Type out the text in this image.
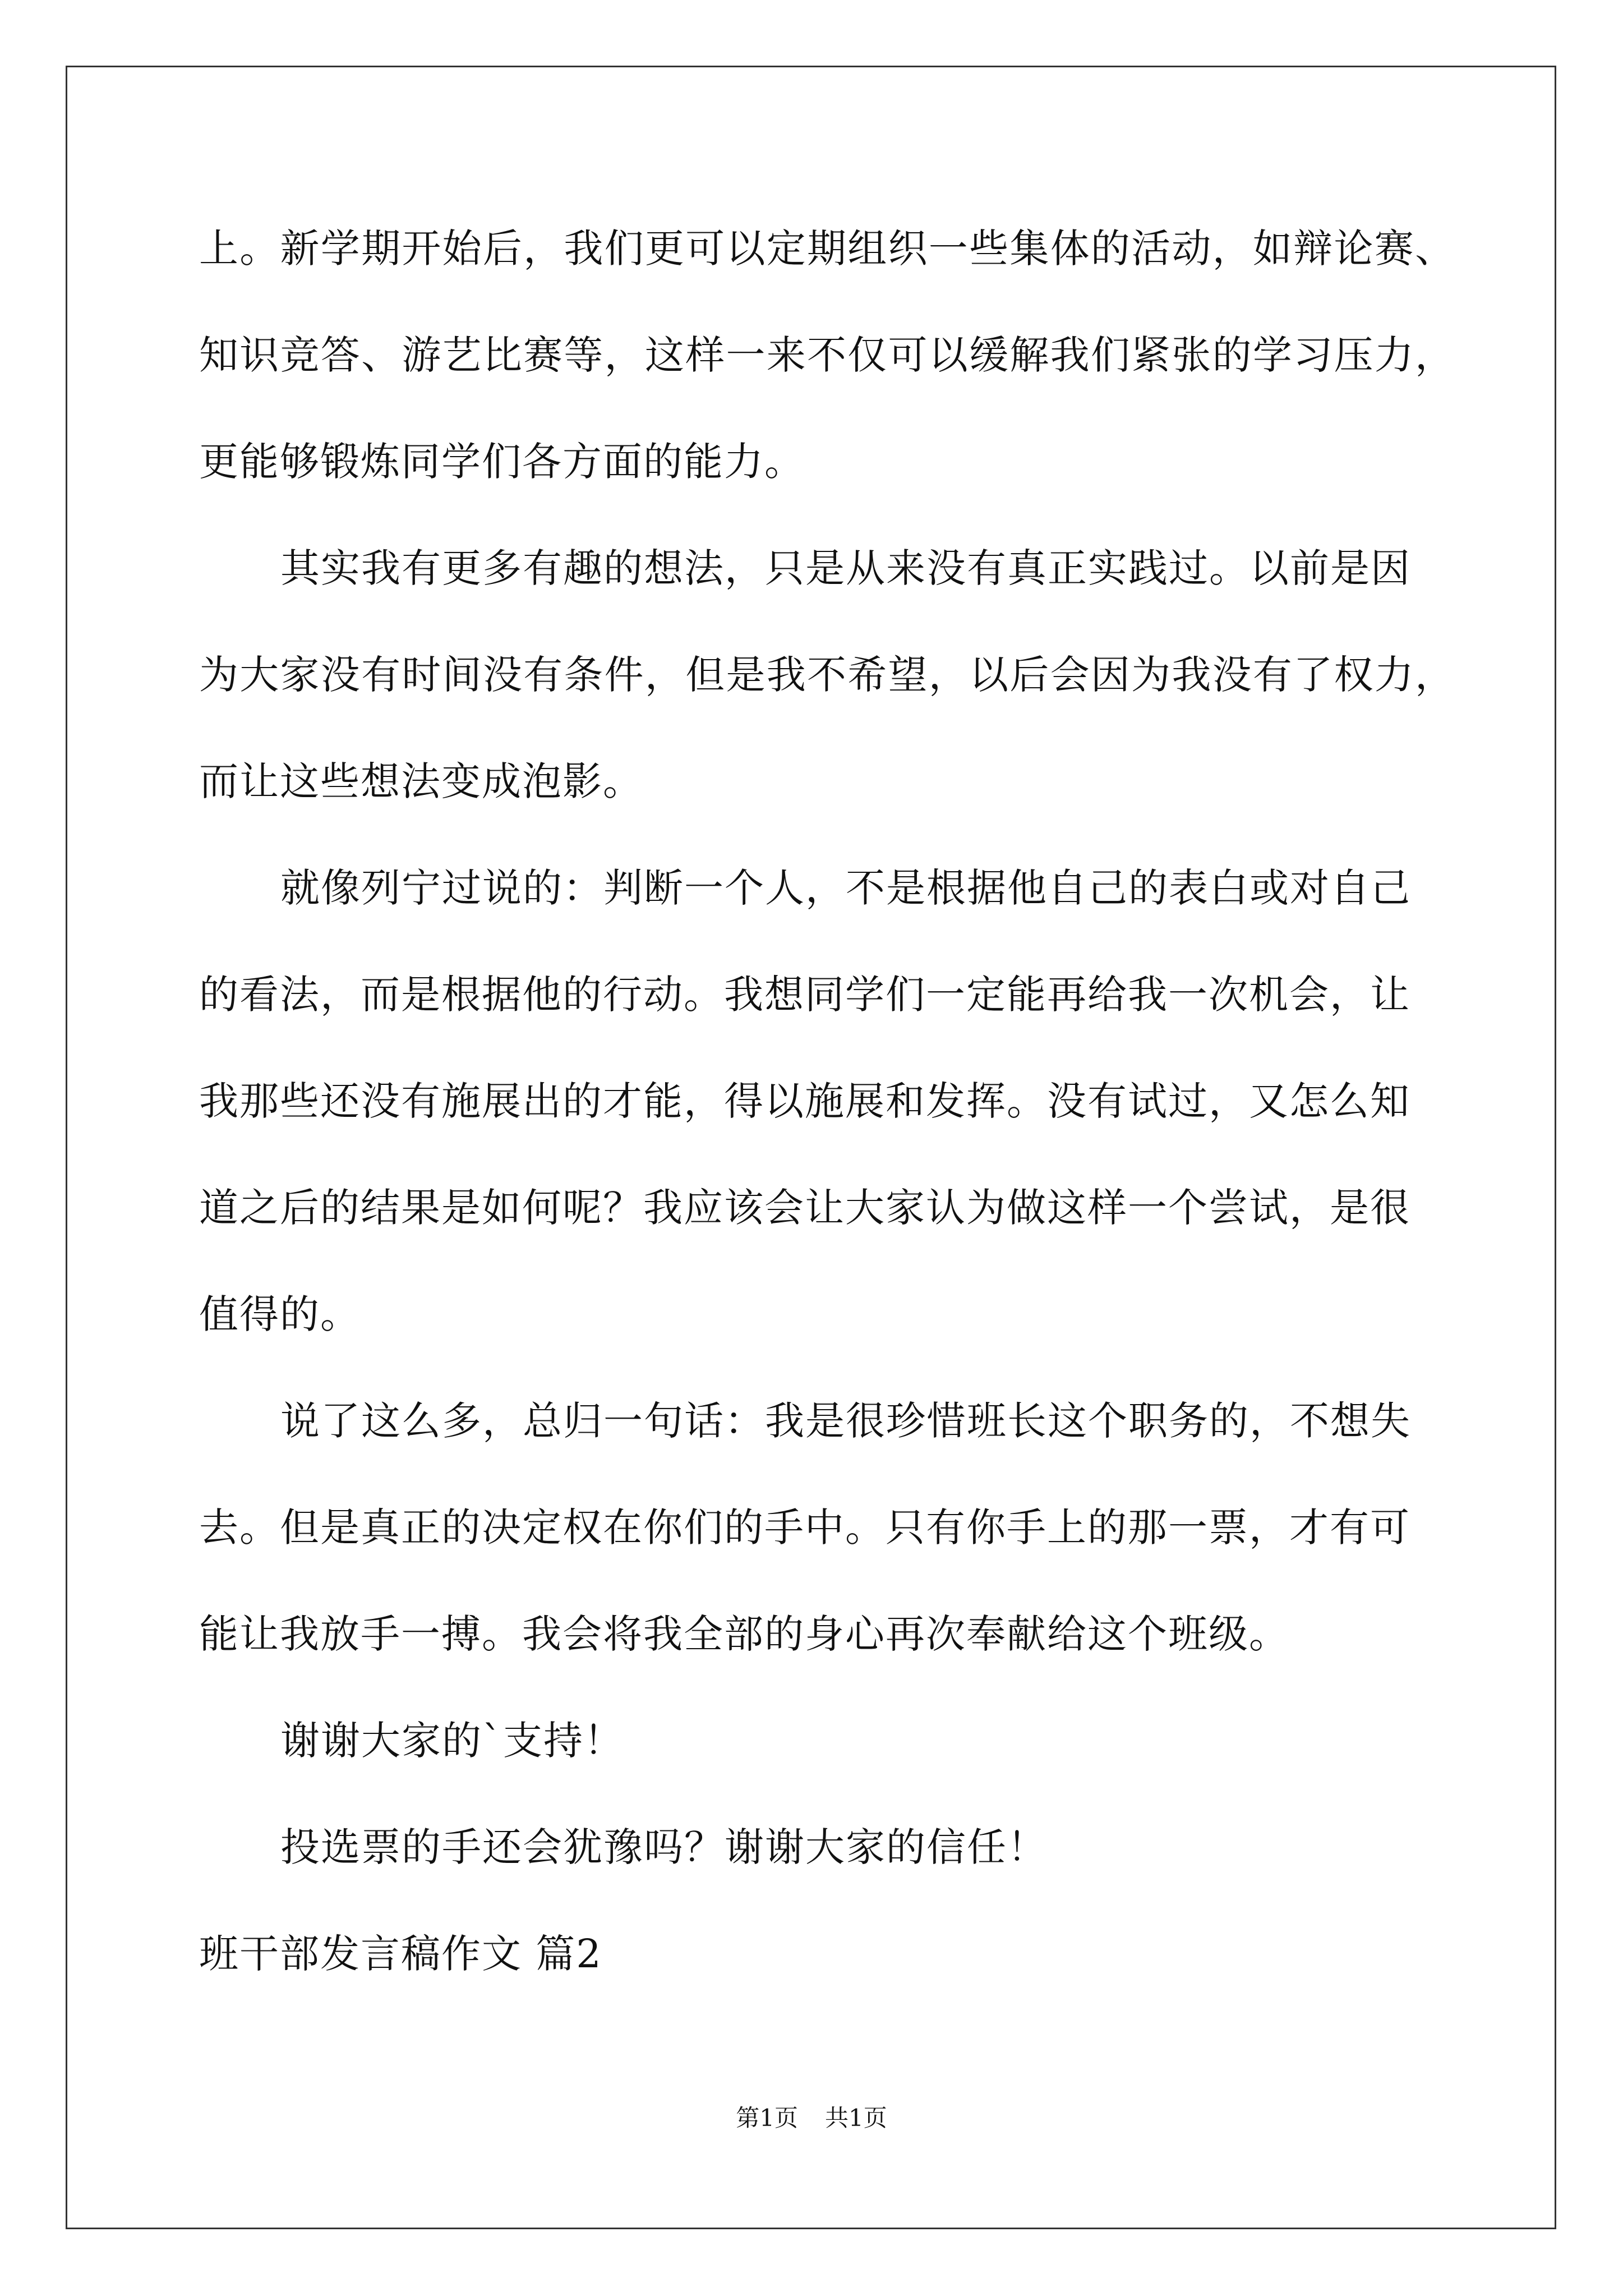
上。新学期开始后，我们更可以定期组织一些集体的活动，如辩论赛、
知识竞答、游艺比赛等，这样一来不仅可以缓解我们紧张的学习压力，
更能够锻炼同学们各方面的能力。
其实我有更多有趣的想法，只是从来没有真正实践过。以前是因
为大家没有时间没有条件，但是我不希望，以后会因为我没有了权力，
而让这些想法变成泡影。
就像列宁过说的：判断一个人，不是根据他自己的表白或对自己
的看法，而是根据他的行动。我想同学们一定能再给我一次机会，让
我那些还没有施展出的才能，得以施展和发挥。没有试过，又怎么知
道之后的结果是如何呢？我应该会让大家认为做这样一个尝试，是很
值得的。
说了这么多，总归一句话：我是很珍惜班长这个职务的，不想失
去。但是真正的决定权在你们的手中。只有你手上的那一票，才有可
能让我放手一搏。我会将我全部的身心再次奉献给这个班级。
谢谢大家的`支持！
投选票的手还会犹豫吗？谢谢大家的信任！
班干部发言稿作文 篇2
第1页 共1页
